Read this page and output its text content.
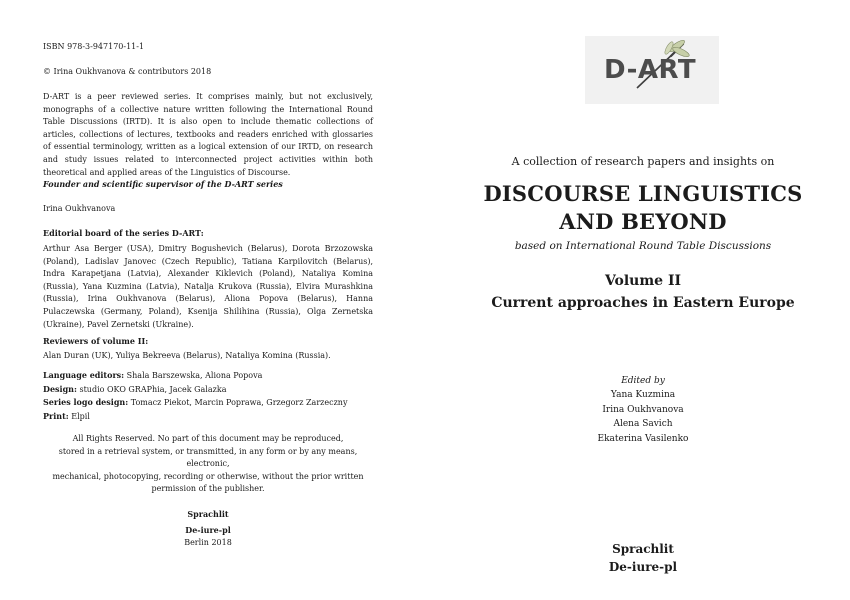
ISBN 978-3-947170-11-1

© Irina Oukhvanova & contributors 2018

D-ART is a peer reviewed series. It comprises mainly, but not exclusively, monographs of a collective nature written following the International Round Table Discussions (IRTD). It is also open to include thematic collections of articles, collections of lectures, textbooks and readers enriched with glossaries of essential terminology, written as a logical extension of our IRTD, on research and study issues related to interconnected project activities within both theoretical and applied areas of the Linguistics of Discourse.

Founder and scientific supervisor of the D-ART series

Irina Oukhvanova

Editorial board of the series D-ART:

Arthur Asa Berger (USA), Dmitry Bogushevich (Belarus), Dorota Brzozowska (Poland), Ladislav Janovec (Czech Republic), Tatiana Karpilovitch (Belarus), Indra Karapetjana (Latvia), Alexander Kiklevich (Poland), Nataliya Komina (Russia), Yana Kuzmina (Latvia), Natalja Krukova (Russia), Elvira Murashkina (Russia), Irina Oukhvanova (Belarus), Aliona Popova (Belarus), Hanna Pulaczewska (Germany, Poland), Ksenija Shilihina (Russia), Olga Zernetska (Ukraine), Pavel Zernetski (Ukraine).

Reviewers of volume II:

Alan Duran (UK), Yuliya Bekreeva (Belarus), Nataliya Komina (Russia).

Language editors: Shala Barszewska, Aliona Popova
Design: studio OKO GRAPhia, Jacek Galazka
Series logo design: Tomacz Piekot, Marcin Poprawa, Grzegorz Zarzeczny
Print: Elpil
All Rights Reserved. No part of this document may be reproduced,
stored in a retrieval system, or transmitted, in any form or by any means, electronic,
mechanical, photocopying, recording or otherwise, without the prior written
permission of the publisher.
Sprachlit
De-iure-pl
Berlin 2018
D-ART

A collection of research papers and insights on

DISCOURSE LINGUISTICS
AND BEYOND

based on International Round Table Discussions

Volume II

Current approaches in Eastern Europe

Edited by

Yana Kuzmina
Irina Oukhvanova
Alena Savich
Ekaterina Vasilenko

Sprachlit

De-iure-pl
